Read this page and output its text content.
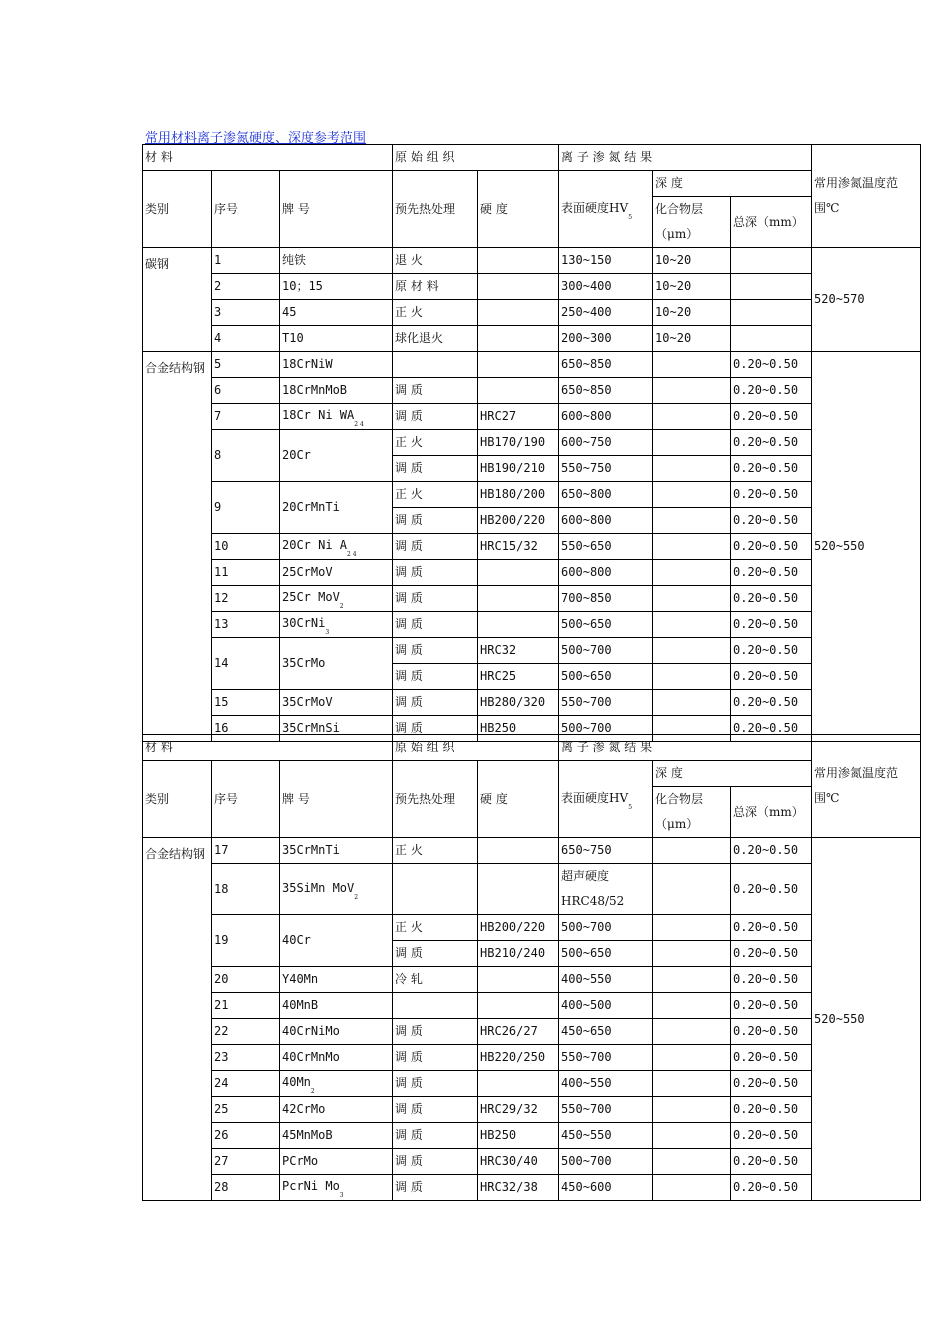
常用材料离子渗氮硬度、深度参考范围
材 料			原 始 组 织		离 子 渗 氮 结 果			常用渗氮温度范围℃
类别	序号	牌 号	预先热处理	硬 度	表面硬度$HV_5$	深 度		
						化合物层（μm）	总深（mm）	
碳钢	1	纯铁	退 火		130~150	10~20		520~570
	2	10；15	原 材 料		300~400	10~20		
	3	45	正 火		250~400	10~20		
	4	T10	球化退火		200~300	10~20		
合金结构钢	5	18CrNiW			650~850		0.20~0.50	520~550
	6	18CrMnMoB	调 质		650~850		0.20~0.50	
	7	18Cr Ni $WA_{2 4}$	调 质	HRC27	600~800		0.20~0.50	
	8	20Cr	正 火	HB170/190	600~750		0.20~0.50	
			调 质	HB190/210	550~750		0.20~0.50	
	9	20CrMnTi	正 火	HB180/200	650~800		0.20~0.50	
			调 质	HB200/220	600~800		0.20~0.50	
	10	20Cr Ni $A_{2 4}$	调 质	HRC15/32	550~650		0.20~0.50	
	11	25CrMoV	调 质		600~800		0.20~0.50	
	12	25Cr MoV$_2$	调 质		700~850		0.20~0.50	
	13	30CrNi$_3$	调 质		500~650		0.20~0.50	
	14	35CrMo	调 质	HRC32	500~700		0.20~0.50	
			调 质	HRC25	500~650		0.20~0.50	
	15	35CrMoV	调 质	HB280/320	550~700		0.20~0.50	
	16	35CrMnSi	调 质	HB250	500~700		0.20~0.50	
材 料			原 始 组 织		离 子 渗 氮 结 果			常用渗氮温度范围℃
类别	序号	牌 号	预先热处理	硬 度	表面硬度$HV_5$	深 度		
						化合物层（μm）	总深（mm）	
合金结构钢	17	35CrMnTi	正 火		650~750		0.20~0.50	520~550
	18	35SiMn MoV$_2$			超声硬度HRC48/52		0.20~0.50	
	19	40Cr	正 火	HB200/220	500~700		0.20~0.50	
			调 质	HB210/240	500~650		0.20~0.50	
	20	Y40Mn	冷 轧		400~550		0.20~0.50	
	21	40MnB			400~500		0.20~0.50	
	22	40CrNiMo	调 质	HRC26/27	450~650		0.20~0.50	
	23	40CrMnMo	调 质	HB220/250	550~700		0.20~0.50	
	24	$40Mn_2$	调 质		400~550		0.20~0.50	
	25	42CrMo	调 质	HRC29/32	550~700		0.20~0.50	
	26	45MnMoB	调 质	HB250	450~550		0.20~0.50	
	27	PCrMo	调 质	HRC30/40	500~700		0.20~0.50	
	28	PcrNi $Mo_3$	调 质	HRC32/38	450~600		0.20~0.50	
